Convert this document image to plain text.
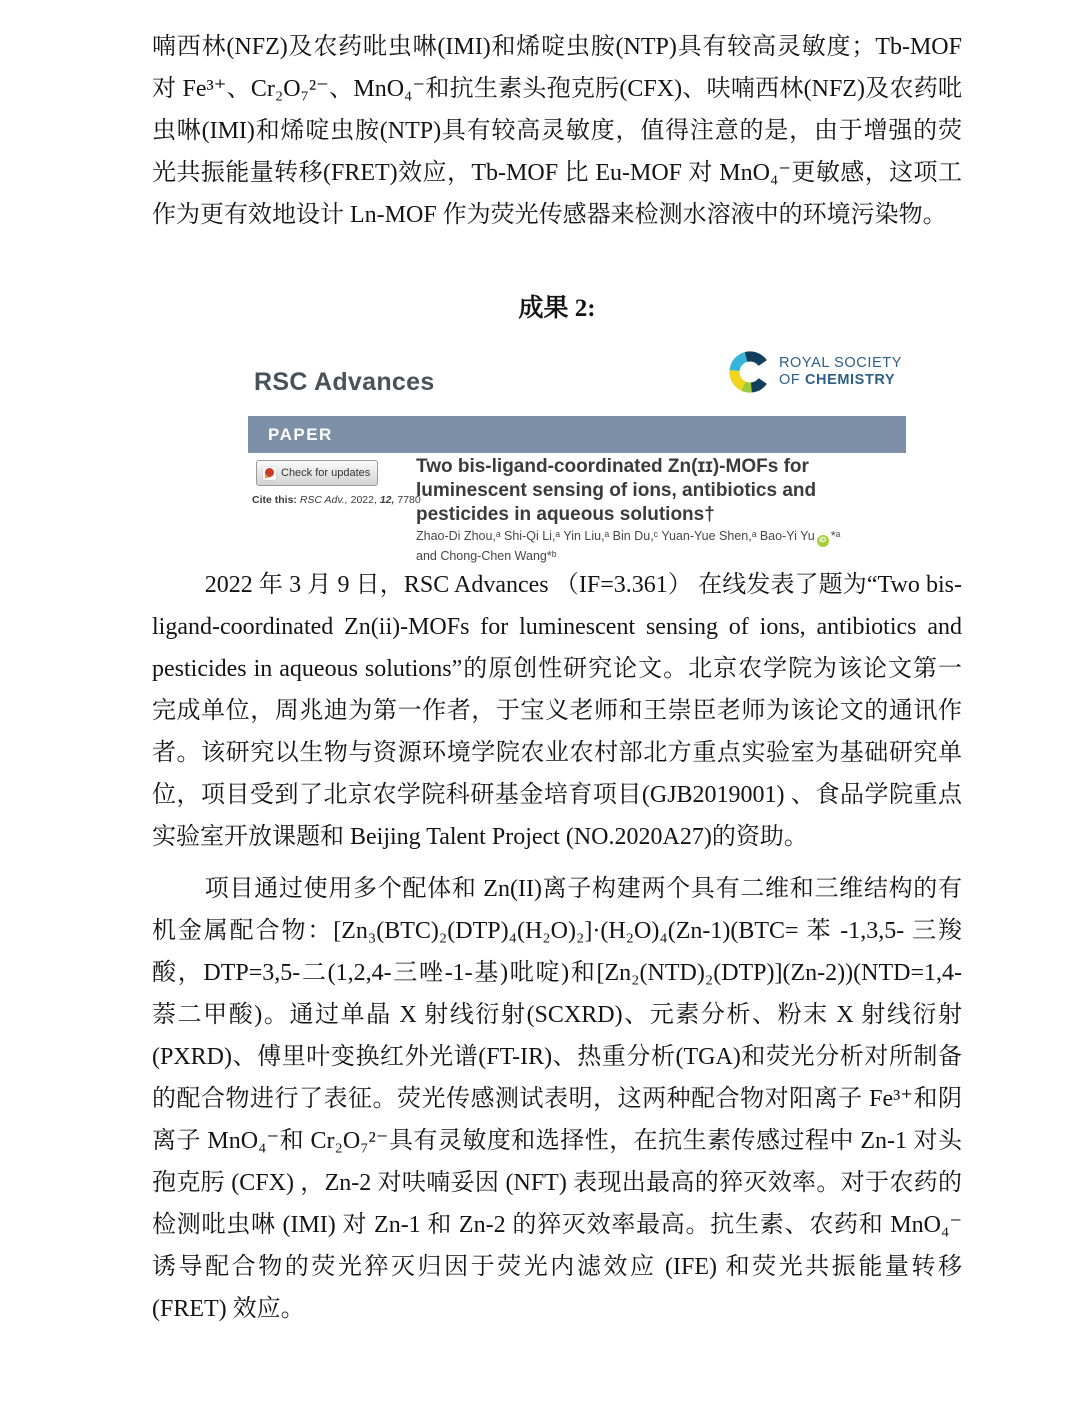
喃西林(NFZ)及农药吡虫啉(IMI)和烯啶虫胺(NTP)具有较高灵敏度；Tb-MOF 对 Fe³⁺、Cr₂O₇²⁻、MnO₄⁻和抗生素头孢克肟(CFX)、呋喃西林(NFZ)及农药吡虫啉(IMI)和烯啶虫胺(NTP)具有较高灵敏度，值得注意的是，由于增强的荧光共振能量转移(FRET)效应，Tb-MOF 比 Eu-MOF 对 MnO₄⁻更敏感，这项工作为更有效地设计 Ln-MOF 作为荧光传感器来检测水溶液中的环境污染物。

成果 2:
RSC Advances
ROYAL SOCIETY
OF CHEMISTRY
PAPER
Check for updates
Cite this: RSC Adv., 2022, 12, 7780
Two bis-ligand-coordinated Zn(ɪɪ)-MOFs for luminescent sensing of ions, antibiotics and pesticides in aqueous solutions†
Zhao-Di Zhou,ᵃ Shi-Qi Li,ᵃ Yin Liu,ᵃ Bin Du,ᶜ Yuan-Yue Shen,ᵃ Bao-Yi Yu iD *ᵃ
and Chong-Chen Wang*ᵇ

2022 年 3 月 9 日，RSC Advances （IF=3.361） 在线发表了题为“Two bis-ligand-coordinated Zn(ii)-MOFs for luminescent sensing of ions, antibiotics and pesticides in aqueous solutions”的原创性研究论文。北京农学院为该论文第一完成单位，周兆迪为第一作者，于宝义老师和王崇臣老师为该论文的通讯作者。该研究以生物与资源环境学院农业农村部北方重点实验室为基础研究单位，项目受到了北京农学院科研基金培育项目(GJB2019001) 、食品学院重点实验室开放课题和 Beijing Talent Project (NO.2020A27)的资助。

项目通过使用多个配体和 Zn(II)离子构建两个具有二维和三维结构的有机金属配合物：[Zn₃(BTC)₂(DTP)₄(H₂O)₂]·(H₂O)₄(Zn-1)(BTC= 苯 -1,3,5- 三羧酸，DTP=3,5-二(1,2,4-三唑-1-基)吡啶)和[Zn₂(NTD)₂(DTP)](Zn-2))(NTD=1,4-萘二甲酸)。通过单晶 X 射线衍射(SCXRD)、元素分析、粉末 X 射线衍射(PXRD)、傅里叶变换红外光谱(FT-IR)、热重分析(TGA)和荧光分析对所制备的配合物进行了表征。荧光传感测试表明，这两种配合物对阳离子 Fe³⁺和阴离子 MnO₄⁻和 Cr₂O₇²⁻具有灵敏度和选择性，在抗生素传感过程中 Zn-1 对头孢克肟 (CFX) ，Zn-2 对呋喃妥因 (NFT) 表现出最高的猝灭效率。对于农药的检测吡虫啉 (IMI) 对 Zn-1 和 Zn-2 的猝灭效率最高。抗生素、农药和 MnO₄⁻诱导配合物的荧光猝灭归因于荧光内滤效应 (IFE) 和荧光共振能量转移 (FRET) 效应。
